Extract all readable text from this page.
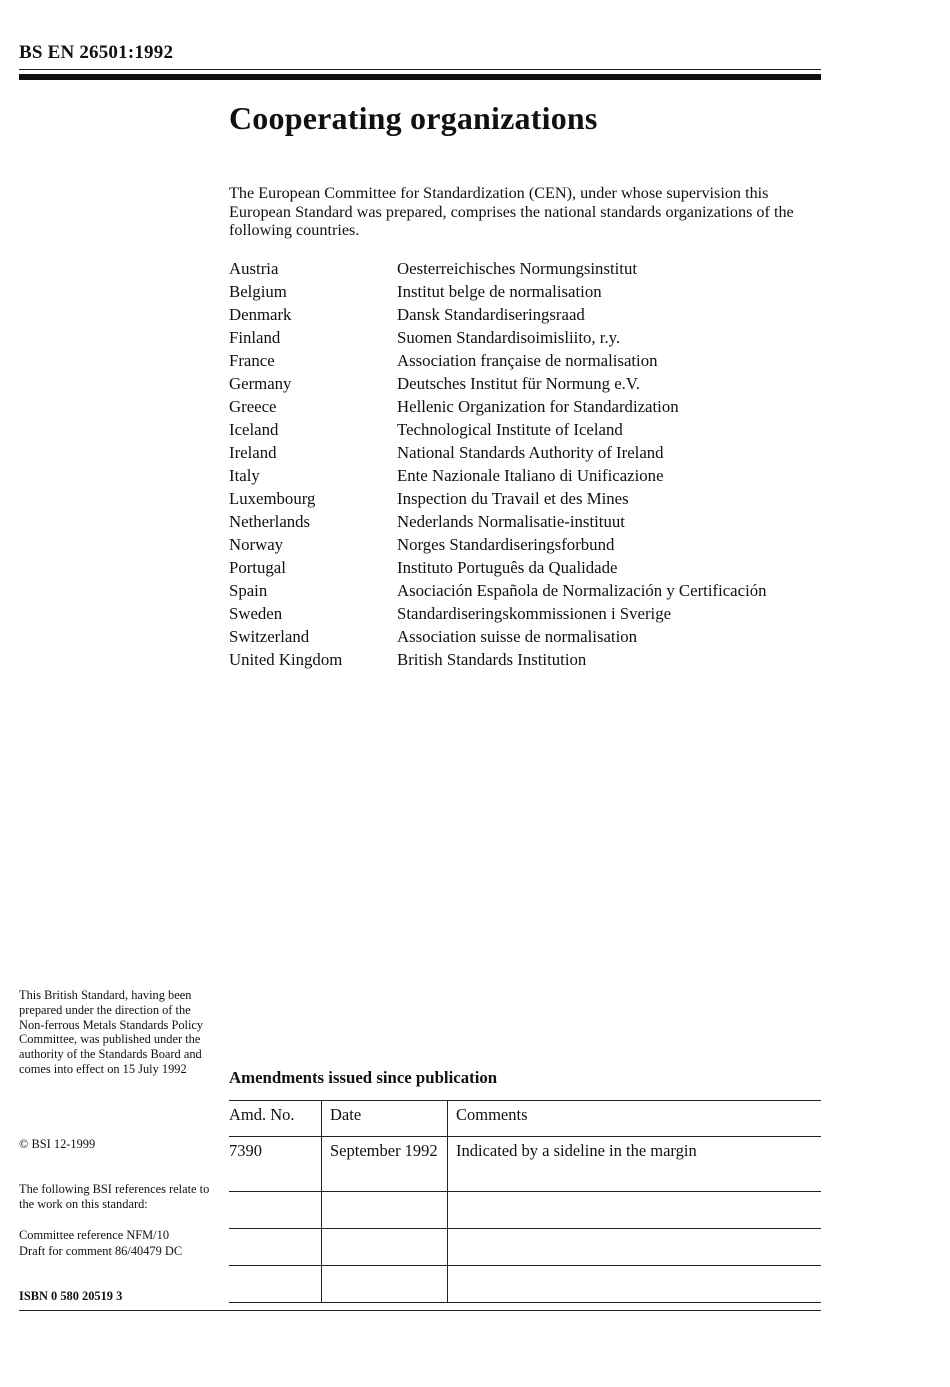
BS EN 26501:1992
Cooperating organizations
The European Committee for Standardization (CEN), under whose supervision this European Standard was prepared, comprises the national standards organizations of the following countries.
Austria	Oesterreichisches Normungsinstitut
Belgium	Institut belge de normalisation
Denmark	Dansk Standardiseringsraad
Finland	Suomen Standardisoimisliito, r.y.
France	Association française de normalisation
Germany	Deutsches Institut für Normung e.V.
Greece	Hellenic Organization for Standardization
Iceland	Technological Institute of Iceland
Ireland	National Standards Authority of Ireland
Italy	Ente Nazionale Italiano di Unificazione
Luxembourg	Inspection du Travail et des Mines
Netherlands	Nederlands Normalisatie-instituut
Norway	Norges Standardiseringsforbund
Portugal	Instituto Português da Qualidade
Spain	Asociación Española de Normalización y Certificación
Sweden	Standardiseringskommissionen i Sverige
Switzerland	Association suisse de normalisation
United Kingdom	British Standards Institution
This British Standard, having been prepared under the direction of the Non-ferrous Metals Standards Policy Committee, was published under the authority of the Standards Board and comes into effect on 15 July 1992
© BSI 12-1999
The following BSI references relate to the work on this standard:
Committee reference NFM/10
Draft for comment 86/40479 DC
ISBN 0 580 20519 3
Amendments issued since publication
Amd. No.	Date	Comments
7390	September 1992	Indicated by a sideline in the margin
